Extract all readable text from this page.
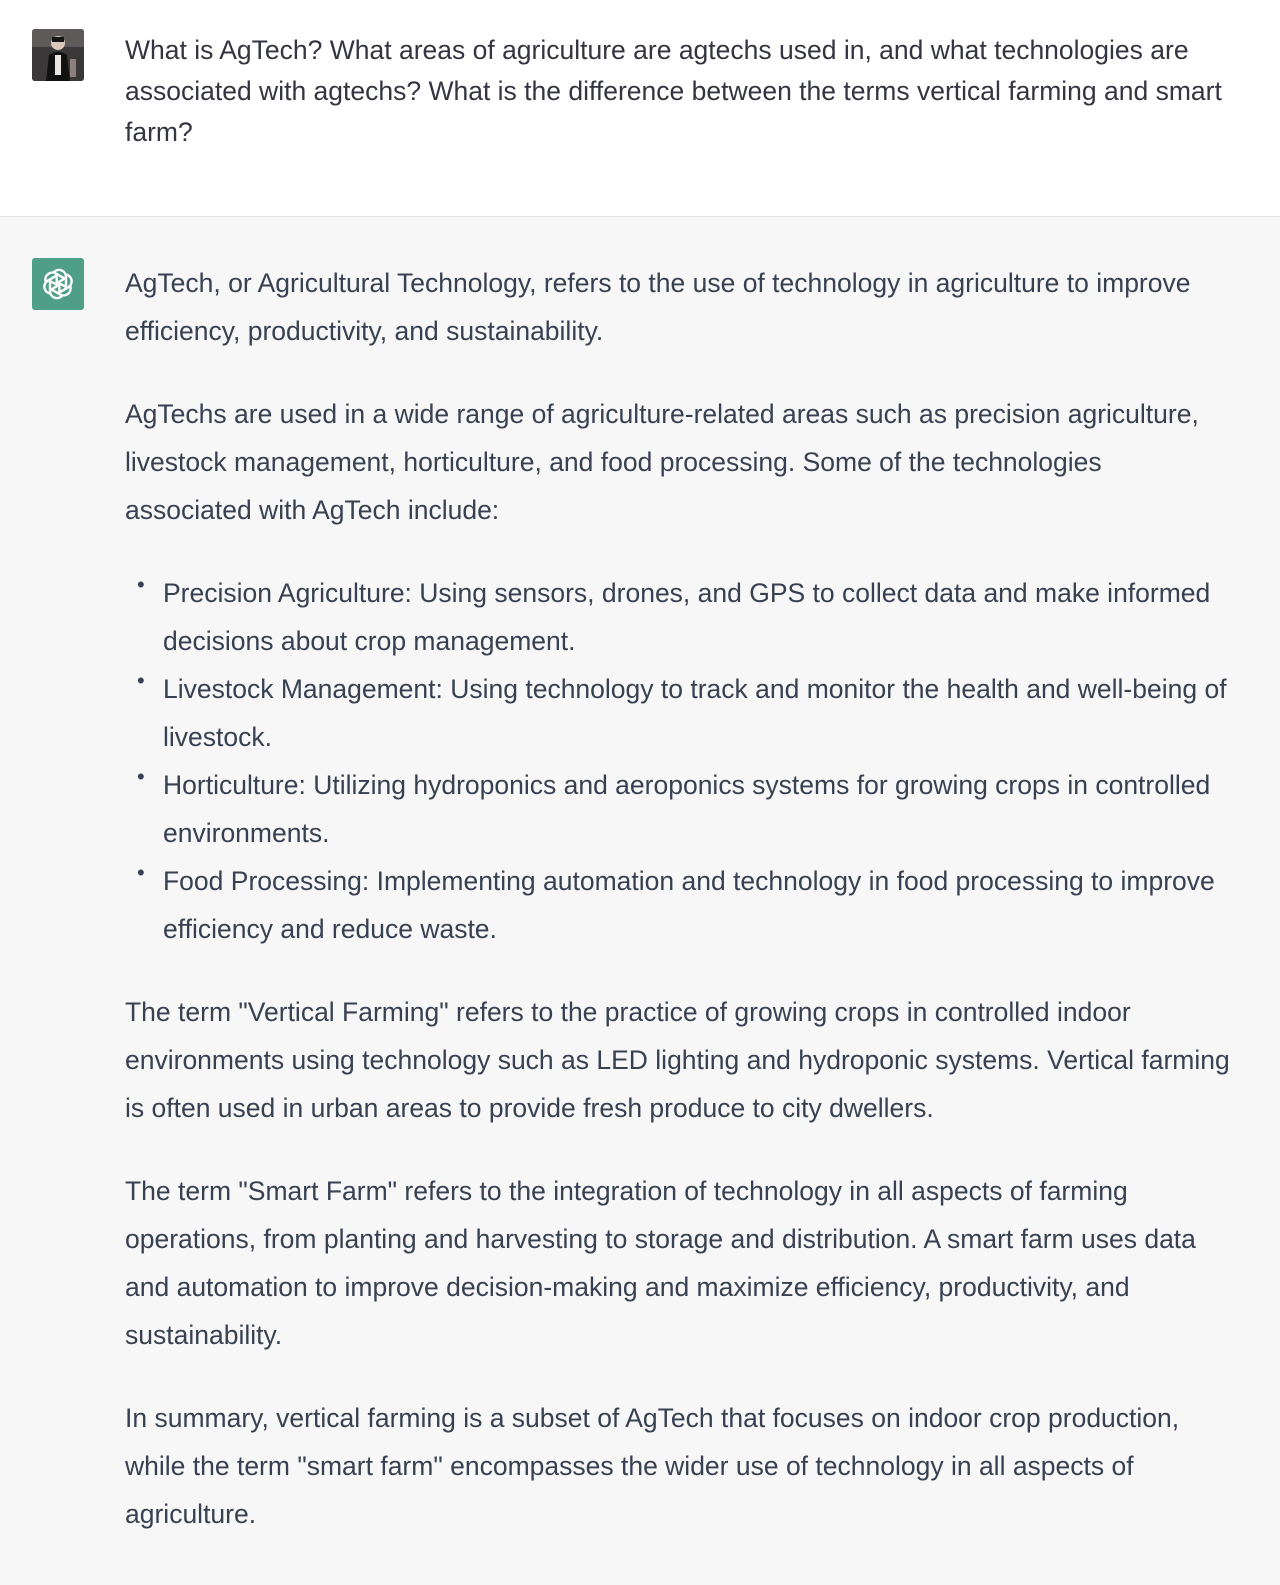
What is AgTech? What areas of agriculture are agtechs used in, and what technologies are associated with agtechs? What is the difference between the terms vertical farming and smart farm?

AgTech, or Agricultural Technology, refers to the use of technology in agriculture to improve efficiency, productivity, and sustainability.

AgTechs are used in a wide range of agriculture-related areas such as precision agriculture, livestock management, horticulture, and food processing. Some of the technologies associated with AgTech include:

• Precision Agriculture: Using sensors, drones, and GPS to collect data and make informed decisions about crop management.
• Livestock Management: Using technology to track and monitor the health and well-being of livestock.
• Horticulture: Utilizing hydroponics and aeroponics systems for growing crops in controlled environments.
• Food Processing: Implementing automation and technology in food processing to improve efficiency and reduce waste.

The term "Vertical Farming" refers to the practice of growing crops in controlled indoor environments using technology such as LED lighting and hydroponic systems. Vertical farming is often used in urban areas to provide fresh produce to city dwellers.

The term "Smart Farm" refers to the integration of technology in all aspects of farming operations, from planting and harvesting to storage and distribution. A smart farm uses data and automation to improve decision-making and maximize efficiency, productivity, and sustainability.

In summary, vertical farming is a subset of AgTech that focuses on indoor crop production, while the term "smart farm" encompasses the wider use of technology in all aspects of agriculture.
